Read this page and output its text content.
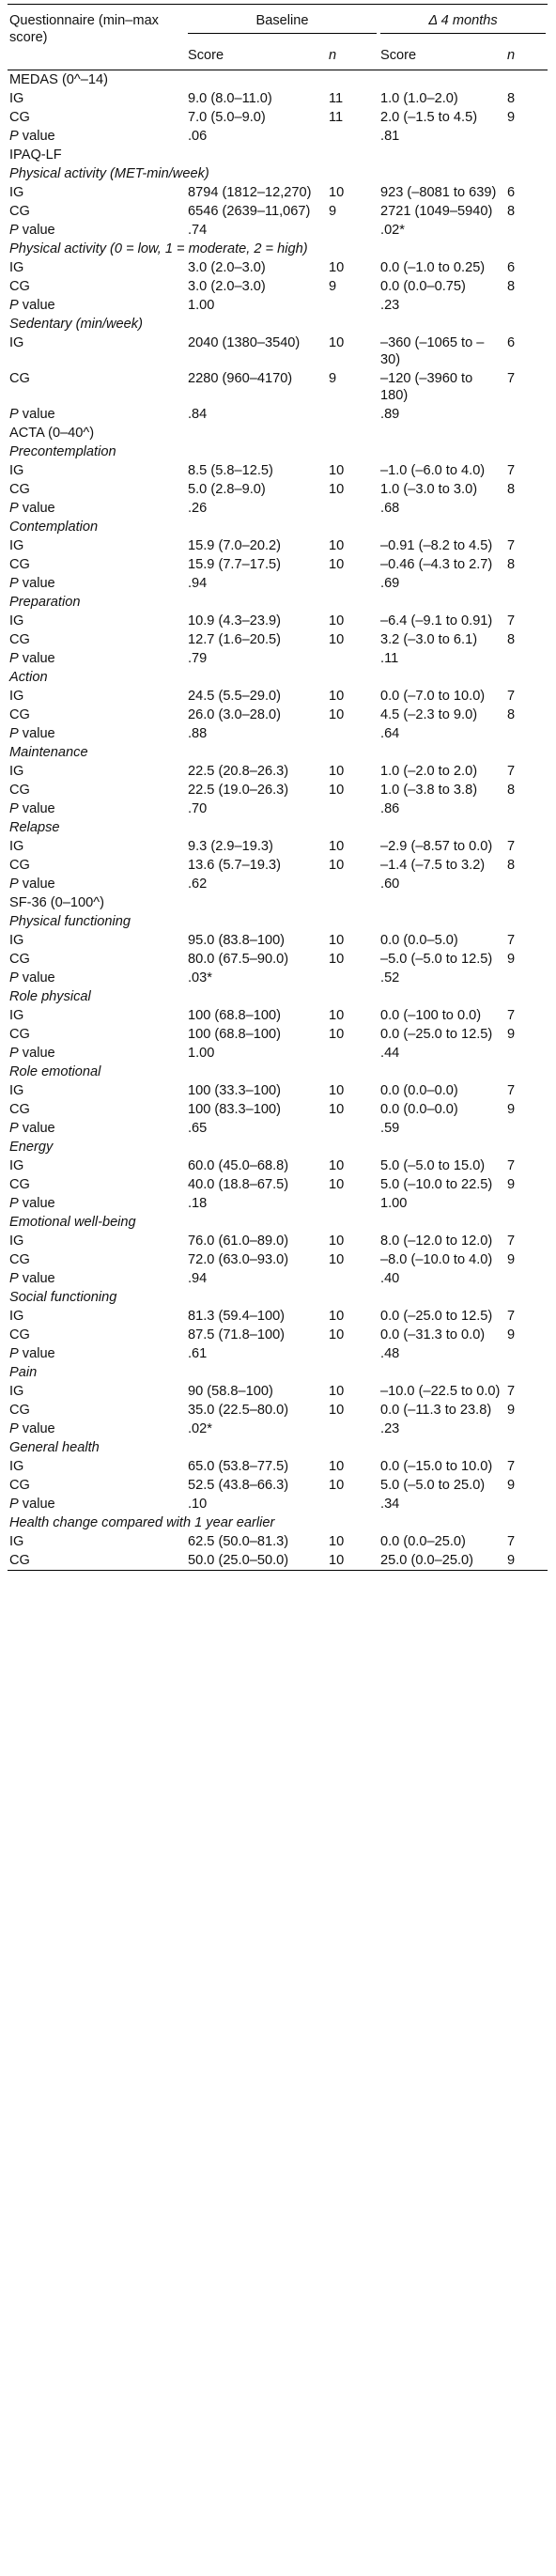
Questionnaire (min–max score)	Baseline		Δ 4 months	

	Score	n	Score	n
MEDAS (0^–14)				
IG	9.0 (8.0–11.0)	11	1.0 (1.0–2.0)	8
CG	7.0 (5.0–9.0)	11	2.0 (–1.5 to 4.5)	9
P value	.06		.81	
IPAQ-LF				
Physical activity (MET-min/week)				
IG	8794 (1812–12,270)	10	923 (–8081 to 639)	6
CG	6546 (2639–11,067)	9	2721 (1049–5940)	8
P value	.74		.02*	
Physical activity (0 = low, 1 = moderate, 2 = high)				
IG	3.0 (2.0–3.0)	10	0.0 (–1.0 to 0.25)	6
CG	3.0 (2.0–3.0)	9	0.0 (0.0–0.75)	8
P value	1.00		.23	
Sedentary (min/week)				
IG	2040 (1380–3540)	10	–360 (–1065 to –30)	6
CG	2280 (960–4170)	9	–120 (–3960 to 180)	7
P value	.84		.89	
ACTA (0–40^)				
Precontemplation				
IG	8.5 (5.8–12.5)	10	–1.0 (–6.0 to 4.0)	7
CG	5.0 (2.8–9.0)	10	1.0 (–3.0 to 3.0)	8
P value	.26		.68	
Contemplation				
IG	15.9 (7.0–20.2)	10	–0.91 (–8.2 to 4.5)	7
CG	15.9 (7.7–17.5)	10	–0.46 (–4.3 to 2.7)	8
P value	.94		.69	
Preparation				
IG	10.9 (4.3–23.9)	10	–6.4 (–9.1 to 0.91)	7
CG	12.7 (1.6–20.5)	10	3.2 (–3.0 to 6.1)	8
P value	.79		.11	
Action				
IG	24.5 (5.5–29.0)	10	0.0 (–7.0 to 10.0)	7
CG	26.0 (3.0–28.0)	10	4.5 (–2.3 to 9.0)	8
P value	.88		.64	
Maintenance				
IG	22.5 (20.8–26.3)	10	1.0 (–2.0 to 2.0)	7
CG	22.5 (19.0–26.3)	10	1.0 (–3.8 to 3.8)	8
P value	.70		.86	
Relapse				
IG	9.3 (2.9–19.3)	10	–2.9 (–8.57 to 0.0)	7
CG	13.6 (5.7–19.3)	10	–1.4 (–7.5 to 3.2)	8
P value	.62		.60	
SF-36 (0–100^)				
Physical functioning				
IG	95.0 (83.8–100)	10	0.0 (0.0–5.0)	7
CG	80.0 (67.5–90.0)	10	–5.0 (–5.0 to 12.5)	9
P value	.03*		.52	
Role physical				
IG	100 (68.8–100)	10	0.0 (–100 to 0.0)	7
CG	100 (68.8–100)	10	0.0 (–25.0 to 12.5)	9
P value	1.00		.44	
Role emotional				
IG	100 (33.3–100)	10	0.0 (0.0–0.0)	7
CG	100 (83.3–100)	10	0.0 (0.0–0.0)	9
P value	.65		.59	
Energy				
IG	60.0 (45.0–68.8)	10	5.0 (–5.0 to 15.0)	7
CG	40.0 (18.8–67.5)	10	5.0 (–10.0 to 22.5)	9
P value	.18		1.00	
Emotional well-being				
IG	76.0 (61.0–89.0)	10	8.0 (–12.0 to 12.0)	7
CG	72.0 (63.0–93.0)	10	–8.0 (–10.0 to 4.0)	9
P value	.94		.40	
Social functioning				
IG	81.3 (59.4–100)	10	0.0 (–25.0 to 12.5)	7
CG	87.5 (71.8–100)	10	0.0 (–31.3 to 0.0)	9
P value	.61		.48	
Pain				
IG	90 (58.8–100)	10	–10.0 (–22.5 to 0.0)	7
CG	35.0 (22.5–80.0)	10	0.0 (–11.3 to 23.8)	9
P value	.02*		.23	
General health				
IG	65.0 (53.8–77.5)	10	0.0 (–15.0 to 10.0)	7
CG	52.5 (43.8–66.3)	10	5.0 (–5.0 to 25.0)	9
P value	.10		.34	
Health change compared with 1 year earlier				
IG	62.5 (50.0–81.3)	10	0.0 (0.0–25.0)	7
CG	50.0 (25.0–50.0)	10	25.0 (0.0–25.0)	9
